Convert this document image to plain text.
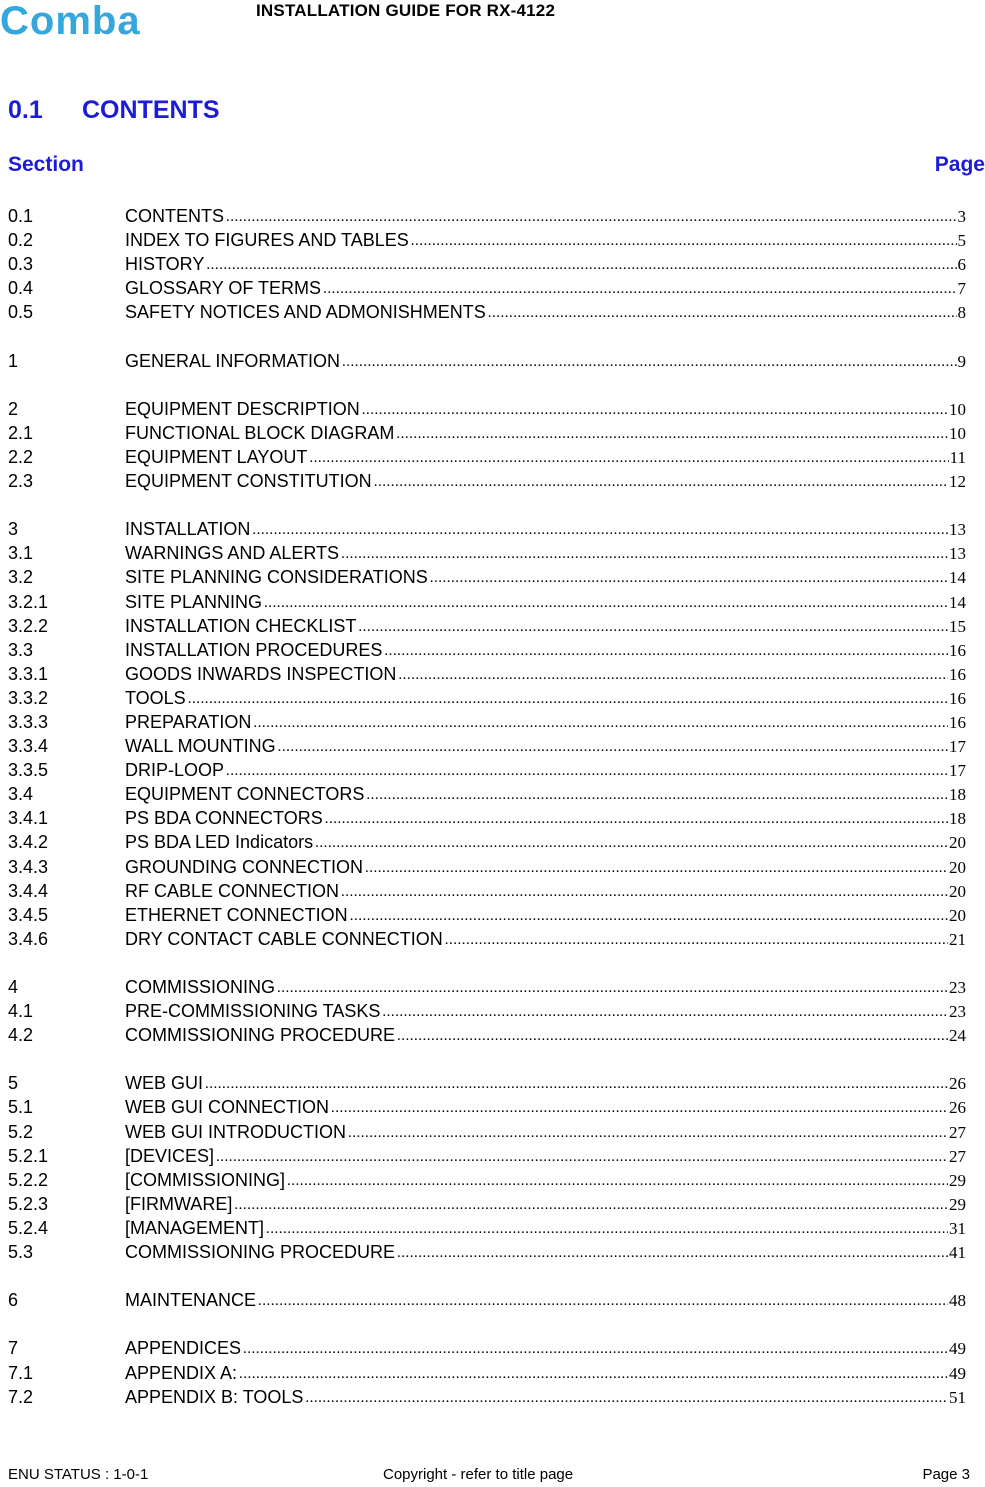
Comba	INSTALLATION GUIDE FOR RX-4122
0.1 CONTENTS
Section	Page
0.1	CONTENTS .....	3
0.2	INDEX TO FIGURES AND TABLES .....	5
0.3	HISTORY .....	6
0.4	GLOSSARY OF TERMS .....	7
0.5	SAFETY NOTICES AND ADMONISHMENTS .....	8
1	GENERAL INFORMATION .....	9
2	EQUIPMENT DESCRIPTION .....	10
2.1	FUNCTIONAL BLOCK DIAGRAM .....	10
2.2	EQUIPMENT LAYOUT .....	11
2.3	EQUIPMENT CONSTITUTION .....	12
3	INSTALLATION .....	13
3.1	WARNINGS AND ALERTS .....	13
3.2	SITE PLANNING CONSIDERATIONS .....	14
3.2.1	SITE PLANNING .....	14
3.2.2	INSTALLATION CHECKLIST .....	15
3.3	INSTALLATION PROCEDURES .....	16
3.3.1	GOODS INWARDS INSPECTION .....	16
3.3.2	TOOLS .....	16
3.3.3	PREPARATION .....	16
3.3.4	WALL MOUNTING .....	17
3.3.5	DRIP-LOOP .....	17
3.4	EQUIPMENT CONNECTORS .....	18
3.4.1	PS BDA CONNECTORS .....	18
3.4.2	PS BDA LED Indicators .....	20
3.4.3	GROUNDING CONNECTION .....	20
3.4.4	RF CABLE CONNECTION .....	20
3.4.5	ETHERNET CONNECTION .....	20
3.4.6	DRY CONTACT CABLE CONNECTION .....	21
4	COMMISSIONING .....	23
4.1	PRE-COMMISSIONING TASKS .....	23
4.2	COMMISSIONING PROCEDURE .....	24
5	WEB GUI .....	26
5.1	WEB GUI CONNECTION .....	26
5.2	WEB GUI INTRODUCTION .....	27
5.2.1	[DEVICES] .....	27
5.2.2	[COMMISSIONING] .....	29
5.2.3	[FIRMWARE] .....	29
5.2.4	[MANAGEMENT] .....	31
5.3	COMMISSIONING PROCEDURE .....	41
6	MAINTENANCE .....	48
7	APPENDICES .....	49
7.1	APPENDIX A: .....	49
7.2	APPENDIX B: TOOLS .....	51
ENU STATUS : 1-0-1	Copyright - refer to title page	Page 3
